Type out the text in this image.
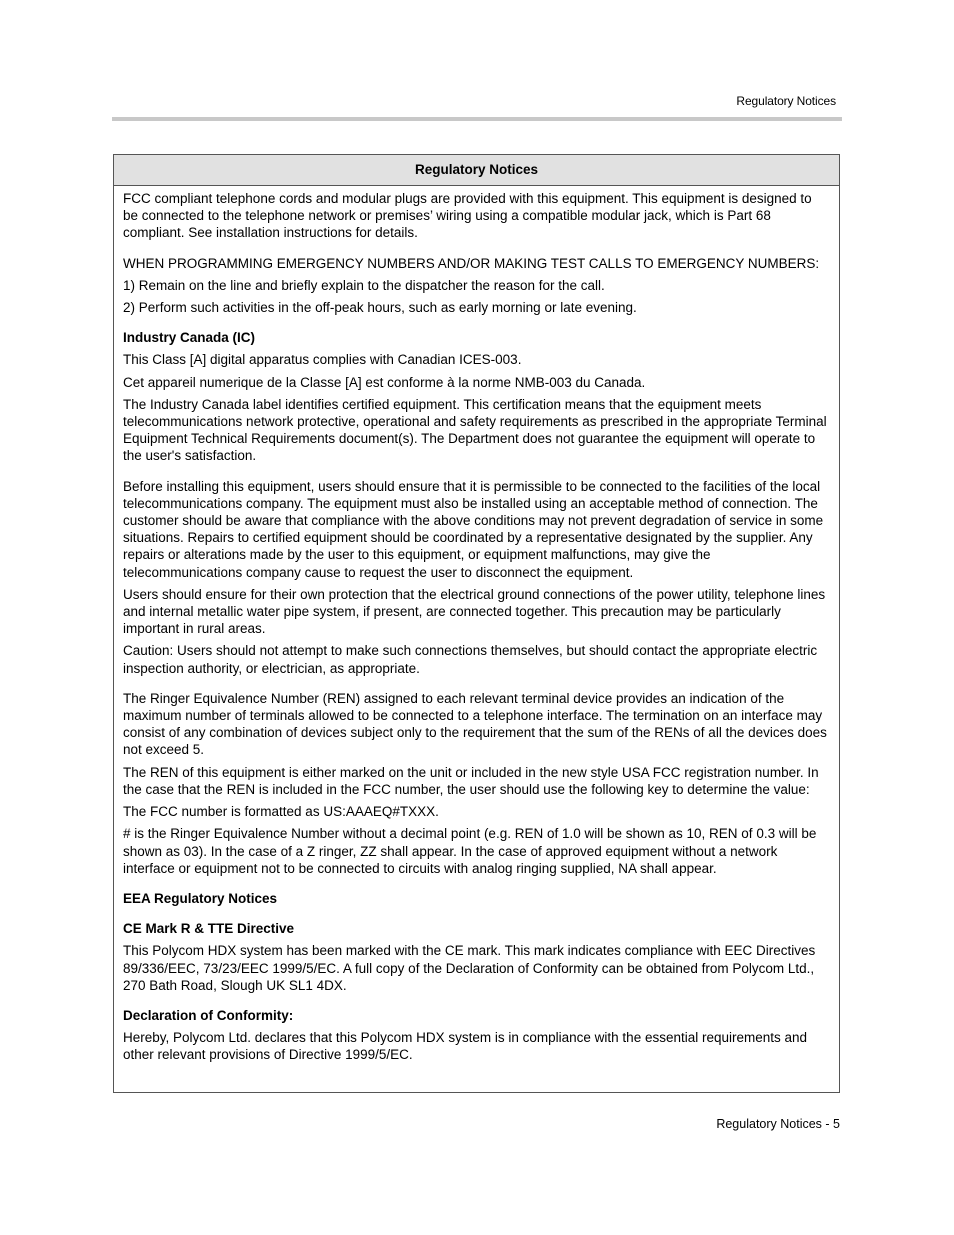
Regulatory Notices
Regulatory Notices

FCC compliant telephone cords and modular plugs are provided with this equipment. This equipment is designed to be connected to the telephone network or premises’ wiring using a compatible modular jack, which is Part 68 compliant. See installation instructions for details.

WHEN PROGRAMMING EMERGENCY NUMBERS AND/OR MAKING TEST CALLS TO EMERGENCY NUMBERS:

1) Remain on the line and briefly explain to the dispatcher the reason for the call.

2) Perform such activities in the off-peak hours, such as early morning or late evening.

Industry Canada (IC)

This Class [A] digital apparatus complies with Canadian ICES-003.

Cet appareil numerique de la Classe [A] est conforme à la norme NMB-003 du Canada.

The Industry Canada label identifies certified equipment. This certification means that the equipment meets telecommunications network protective, operational and safety requirements as prescribed in the appropriate Terminal Equipment Technical Requirements document(s). The Department does not guarantee the equipment will operate to the user's satisfaction.

Before installing this equipment, users should ensure that it is permissible to be connected to the facilities of the local telecommunications company. The equipment must also be installed using an acceptable method of connection. The customer should be aware that compliance with the above conditions may not prevent degradation of service in some situations. Repairs to certified equipment should be coordinated by a representative designated by the supplier. Any repairs or alterations made by the user to this equipment, or equipment malfunctions, may give the telecommunications company cause to request the user to disconnect the equipment.

Users should ensure for their own protection that the electrical ground connections of the power utility, telephone lines and internal metallic water pipe system, if present, are connected together. This precaution may be particularly important in rural areas.

Caution: Users should not attempt to make such connections themselves, but should contact the appropriate electric inspection authority, or electrician, as appropriate.

The Ringer Equivalence Number (REN) assigned to each relevant terminal device provides an indication of the maximum number of terminals allowed to be connected to a telephone interface. The termination on an interface may consist of any combination of devices subject only to the requirement that the sum of the RENs of all the devices does not exceed 5.

The REN of this equipment is either marked on the unit or included in the new style USA FCC registration number. In the case that the REN is included in the FCC number, the user should use the following key to determine the value:

The FCC number is formatted as US:AAAEQ#TXXX.

# is the Ringer Equivalence Number without a decimal point (e.g. REN of 1.0 will be shown as 10, REN of 0.3 will be shown as 03). In the case of a Z ringer, ZZ shall appear. In the case of approved equipment without a network interface or equipment not to be connected to circuits with analog ringing supplied, NA shall appear.

EEA Regulatory Notices

CE Mark R & TTE Directive

This Polycom HDX system has been marked with the CE mark. This mark indicates compliance with EEC Directives 89/336/EEC, 73/23/EEC 1999/5/EC. A full copy of the Declaration of Conformity can be obtained from Polycom Ltd., 270 Bath Road, Slough UK SL1 4DX.

Declaration of Conformity:

Hereby, Polycom Ltd. declares that this Polycom HDX system is in compliance with the essential requirements and other relevant provisions of Directive 1999/5/EC.

Regulatory Notices - 5
